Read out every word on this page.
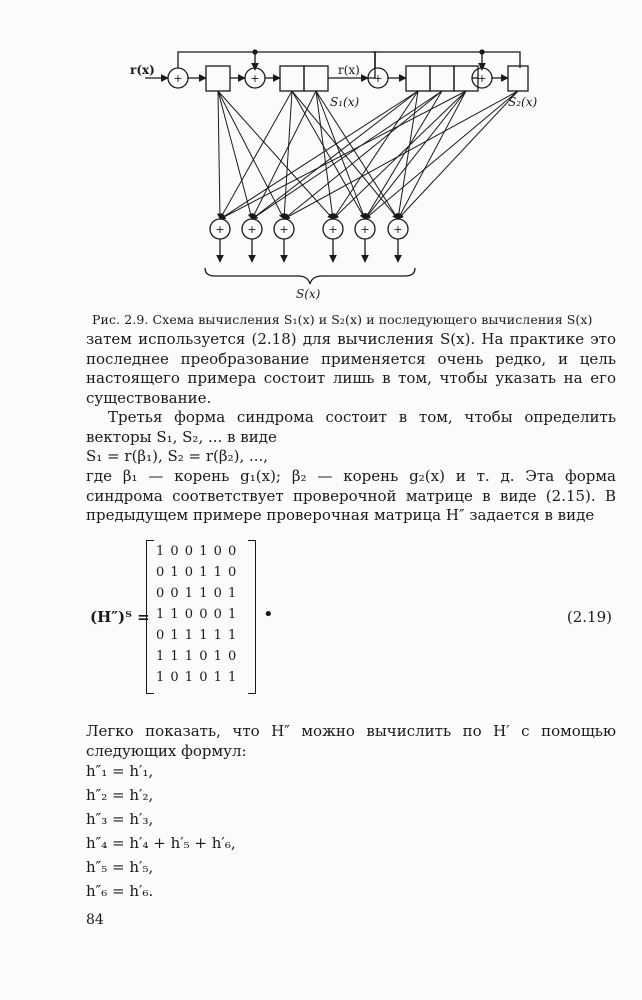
r(x)	r(x)
S₁(x)	S₂(x)
S(x)
+	+	+	+
+ + +	+ + +
Рис. 2.9. Схема вычисления S₁(x) и S₂(x) и последующего вычисления S(x)
затем используется (2.18) для вычисления S(x). На практике это последнее преобразование применяется очень редко, и цель настоящего примера состоит лишь в том, чтобы указать на его существование.
Третья форма синдрома состоит в том, чтобы определить векторы S₁, S₂, ... в виде
S₁ = r(β₁), S₂ = r(β₂), ...,
где β₁ — корень g₁(x); β₂ — корень g₂(x) и т. д. Эта форма синдрома соответствует проверочной матрице в виде (2.15). В предыдущем примере проверочная матрица H″ задается в виде
(H″)ᵀ =
1 0 0 1 0 0
0 1 0 1 1 0
0 0 1 1 0 1
1 1 0 0 0 1
0 1 1 1 1 1
1 1 1 0 1 0
1 0 1 0 1 1
•	(2.19)
Легко показать, что H″ можно вычислить по H′ с помощью следующих формул:
h″₁ = h′₁,
h″₂ = h′₂,
h″₃ = h′₃,
h″₄ = h′₄ + h′₅ + h′₆,
h″₅ = h′₅,
h″₆ = h′₆.
84
